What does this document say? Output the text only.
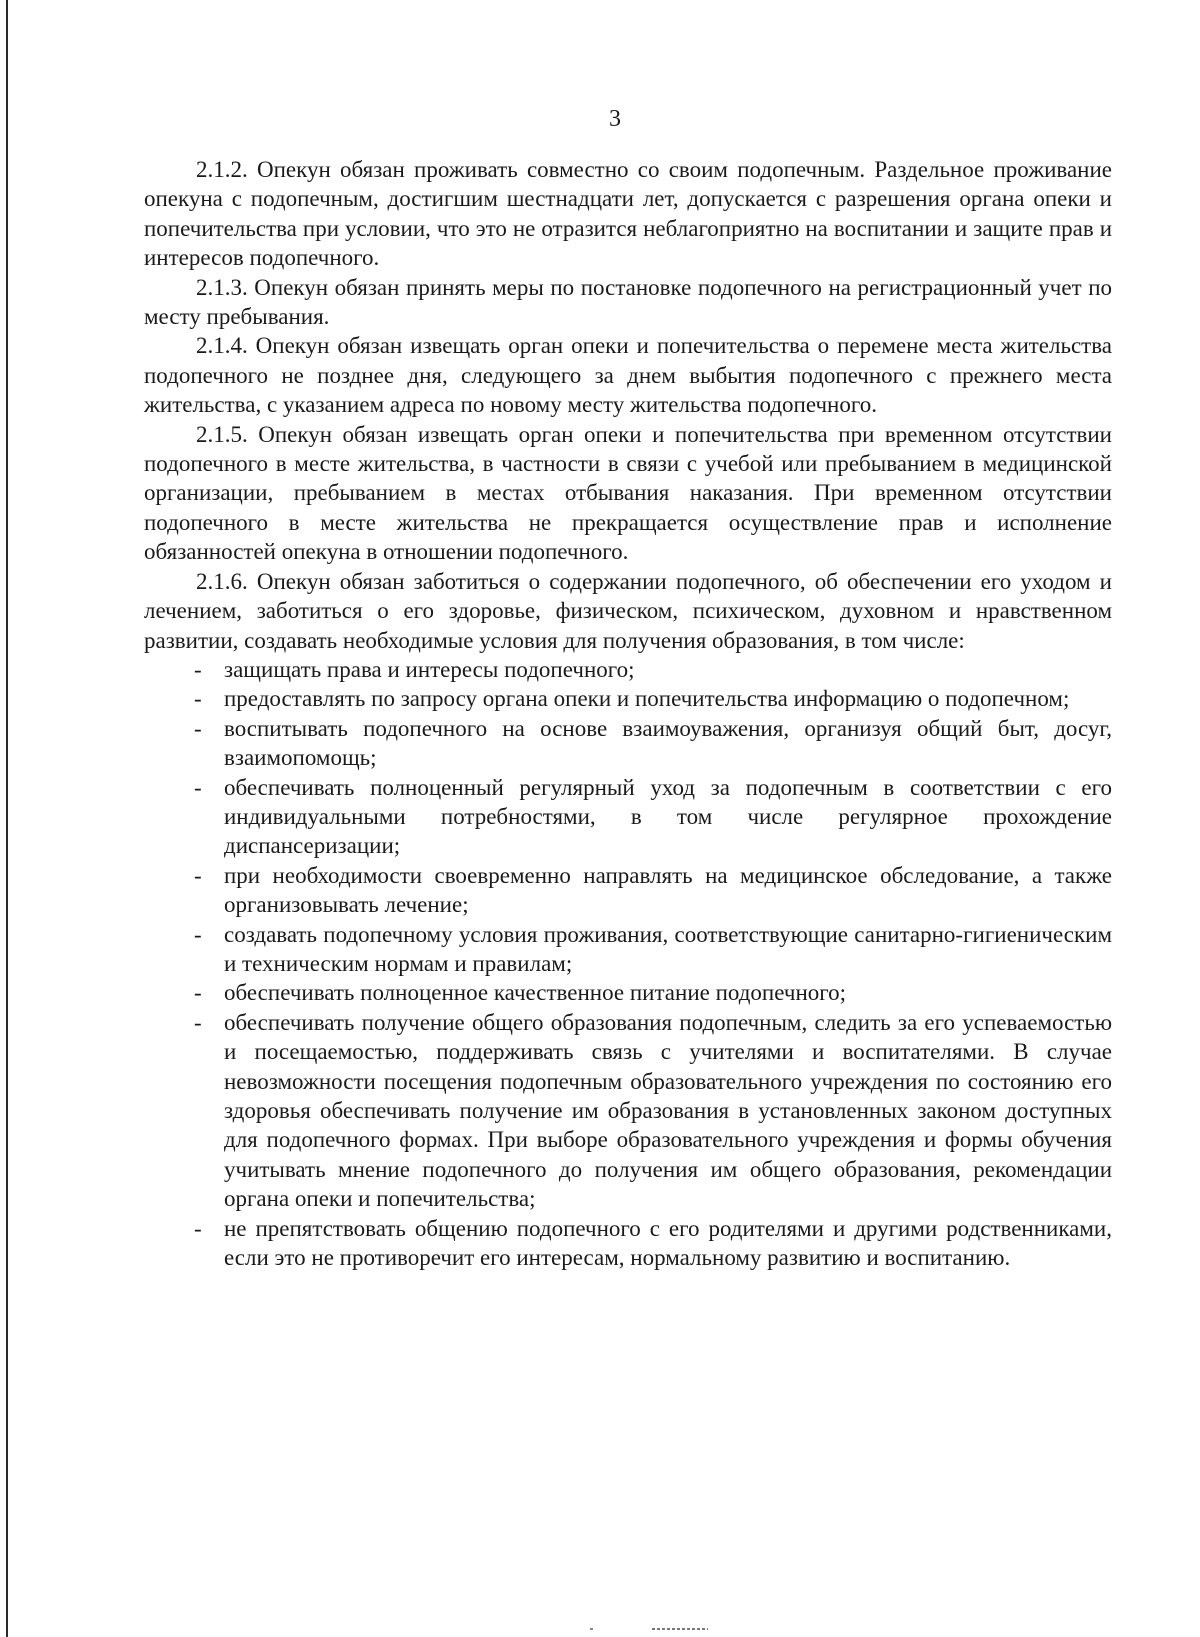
3

2.1.2. Опекун обязан проживать совместно со своим подопечным. Раздельное проживание опекуна с подопечным, достигшим шестнадцати лет, допускается с разрешения органа опеки и попечительства при условии, что это не отразится неблагоприятно на воспитании и защите прав и интересов подопечного.

2.1.3. Опекун обязан принять меры по постановке подопечного на регистрационный учет по месту пребывания.

2.1.4. Опекун обязан извещать орган опеки и попечительства о перемене места жительства подопечного не позднее дня, следующего за днем выбытия подопечного с прежнего места жительства, с указанием адреса по новому месту жительства подопечного.

2.1.5. Опекун обязан извещать орган опеки и попечительства при временном отсутствии подопечного в месте жительства, в частности в связи с учебой или пребыванием в медицинской организации, пребыванием в местах отбывания наказания. При временном отсутствии подопечного в месте жительства не прекращается осуществление прав и исполнение обязанностей опекуна в отношении подопечного.

2.1.6. Опекун обязан заботиться о содержании подопечного, об обеспечении его уходом и лечением, заботиться о его здоровье, физическом, психическом, духовном и нравственном развитии, создавать необходимые условия для получения образования, в том числе:

- защищать права и интересы подопечного;
- предоставлять по запросу органа опеки и попечительства информацию о подопечном;
- воспитывать подопечного на основе взаимоуважения, организуя общий быт, досуг, взаимопомощь;
- обеспечивать полноценный регулярный уход за подопечным в соответствии с его индивидуальными потребностями, в том числе регулярное прохождение диспансеризации;
- при необходимости своевременно направлять на медицинское обследование, а также организовывать лечение;
- создавать подопечному условия проживания, соответствующие санитарно-гигиеническим и техническим нормам и правилам;
- обеспечивать полноценное качественное питание подопечного;
- обеспечивать получение общего образования подопечным, следить за его успеваемостью и посещаемостью, поддерживать связь с учителями и воспитателями. В случае невозможности посещения подопечным образовательного учреждения по состоянию его здоровья обеспечивать получение им образования в установленных законом доступных для подопечного формах. При выборе образовательного учреждения и формы обучения учитывать мнение подопечного до получения им общего образования, рекомендации органа опеки и попечительства;
- не препятствовать общению подопечного с его родителями и другими родственниками, если это не противоречит его интересам, нормальному развитию и воспитанию.
